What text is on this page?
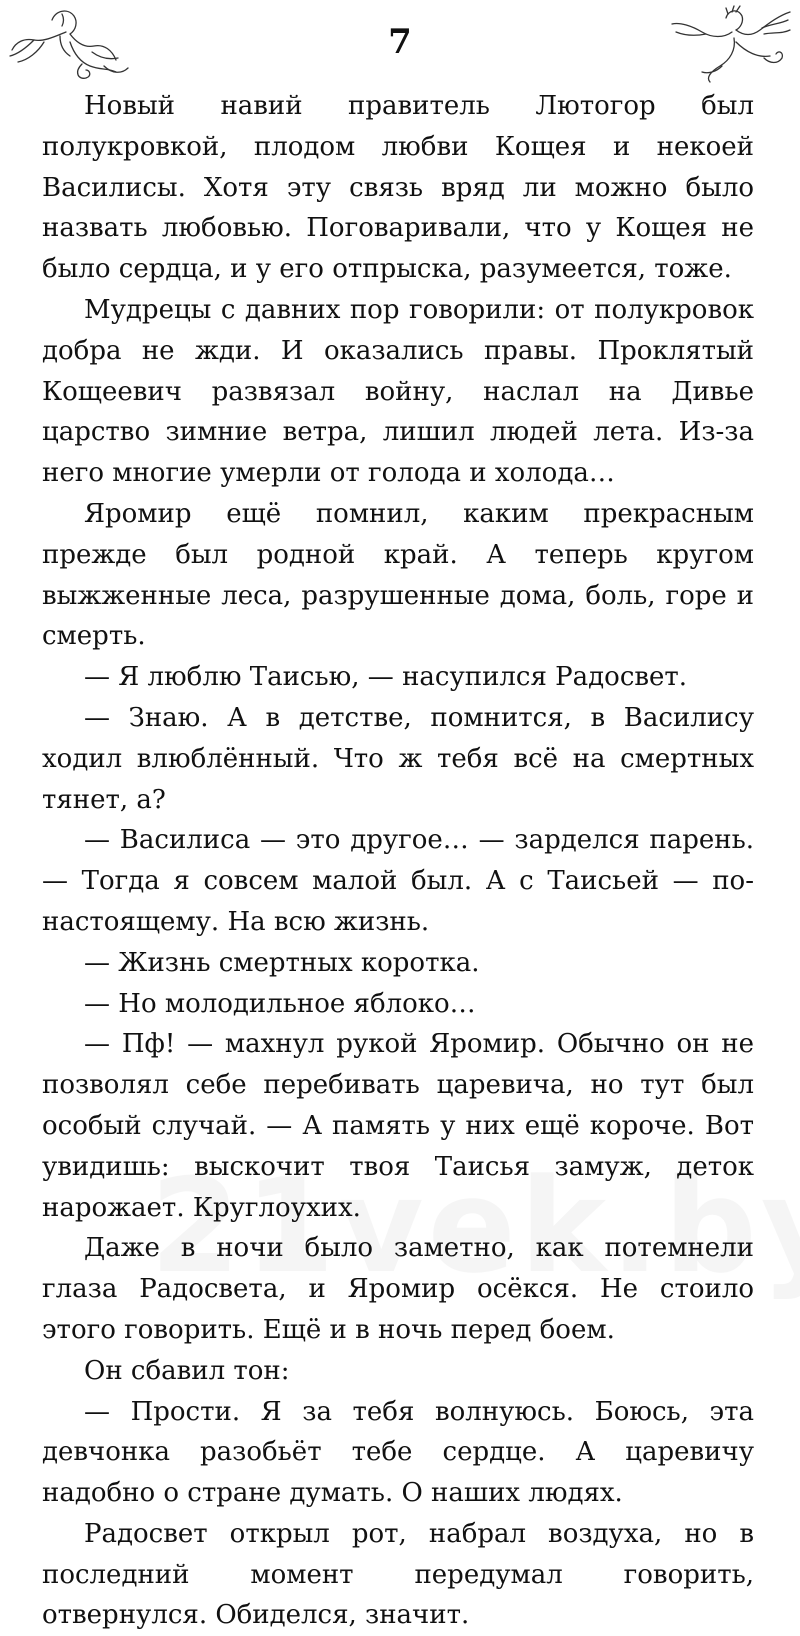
7

Новый навий правитель Лютогор был полукровкой, плодом любви Кощея и некоей Василисы. Хотя эту связь вряд ли можно было назвать любовью. Поговаривали, что у Кощея не было сердца, и у его отпрыска, разумеется, тоже.

Мудрецы с давних пор говорили: от полукровок добра не жди. И оказались правы. Проклятый Кощеевич развязал войну, наслал на Дивье царство зимние ветра, лишил людей лета. Из-за него многие умерли от голода и холода…

Яромир ещё помнил, каким прекрасным прежде был родной край. А теперь кругом выжженные леса, разрушенные дома, боль, горе и смерть.

— Я люблю Таисью, — насупился Радосвет.

— Знаю. А в детстве, помнится, в Василису ходил влюблённый. Что ж тебя всё на смертных тянет, а?

— Василиса — это другое… — зарделся парень. — Тогда я совсем малой был. А с Таисьей — по-настоящему. На всю жизнь.

— Жизнь смертных коротка.

— Но молодильное яблоко…

— Пф! — махнул рукой Яромир. Обычно он не позволял себе перебивать царевича, но тут был особый случай. — А память у них ещё короче. Вот увидишь: выскочит твоя Таисья замуж, деток нарожает. Круглоухих.

Даже в ночи было заметно, как потемнели глаза Радосвета, и Яромир осёкся. Не стоило этого говорить. Ещё и в ночь перед боем.

Он сбавил тон:

— Прости. Я за тебя волнуюсь. Боюсь, эта девчонка разобьёт тебе сердце. А царевичу надобно о стране думать. О наших людях.

Радосвет открыл рот, набрал воздуха, но в последний момент передумал говорить, отвернулся. Обиделся, значит.
